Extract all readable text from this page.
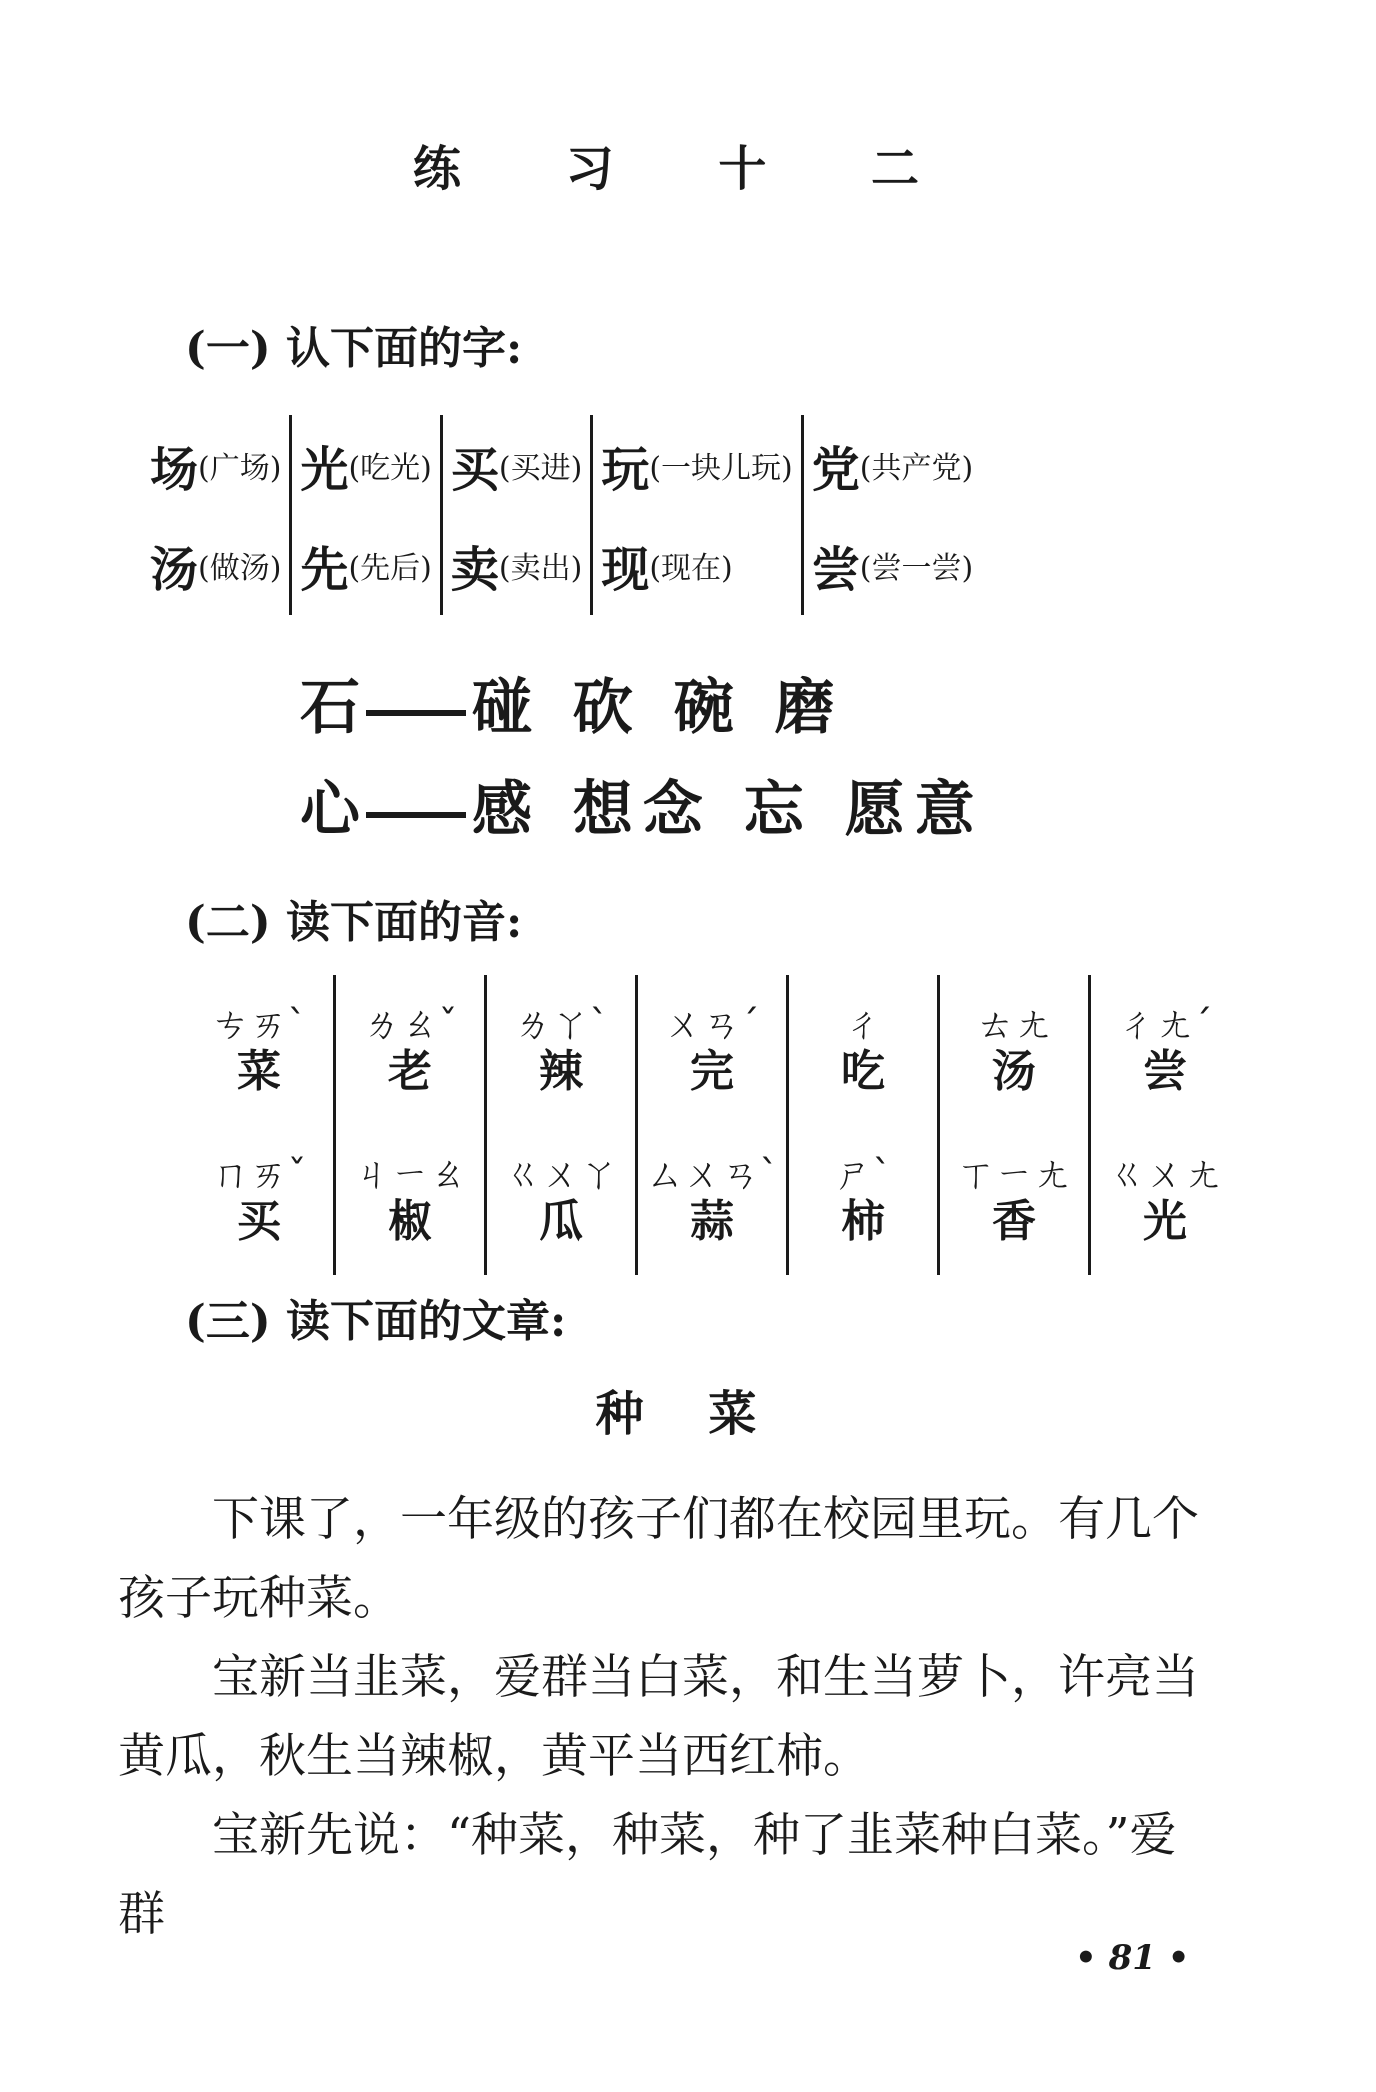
练 习 十 二
(一) 认下面的字:
场 (广场)
汤 (做汤)
光 (吃光)
先 (先后)
买 (买进)
卖 (卖出)
玩 (一块儿玩)
现 (现在)
党 (共产党)
尝 (尝一尝)
石 碰 砍 碗 磨
心 感 想念 忘 愿意
(二) 读下面的音:
ㄘㄞˋ
菜
ㄇㄞˇ
买
ㄌㄠˇ
老
ㄐㄧㄠ
椒
ㄌㄚˋ
辣
ㄍㄨㄚ
瓜
ㄨㄢˊ
完
ㄙㄨㄢˋ
蒜
ㄔ
吃
ㄕˋ
柿
ㄊㄤ
汤
ㄒㄧㄤ
香
ㄔㄤˊ
尝
ㄍㄨㄤ
光
(三) 读下面的文章:
种 菜

下课了，一年级的孩子们都在校园里玩。有几个孩子玩种菜。

宝新当韭菜，爱群当白菜，和生当萝卜，许亮当黄瓜，秋生当辣椒，黄平当西红柿。

宝新先说：“种菜，种菜，种了韭菜种白菜。”爱群

• 81 •
